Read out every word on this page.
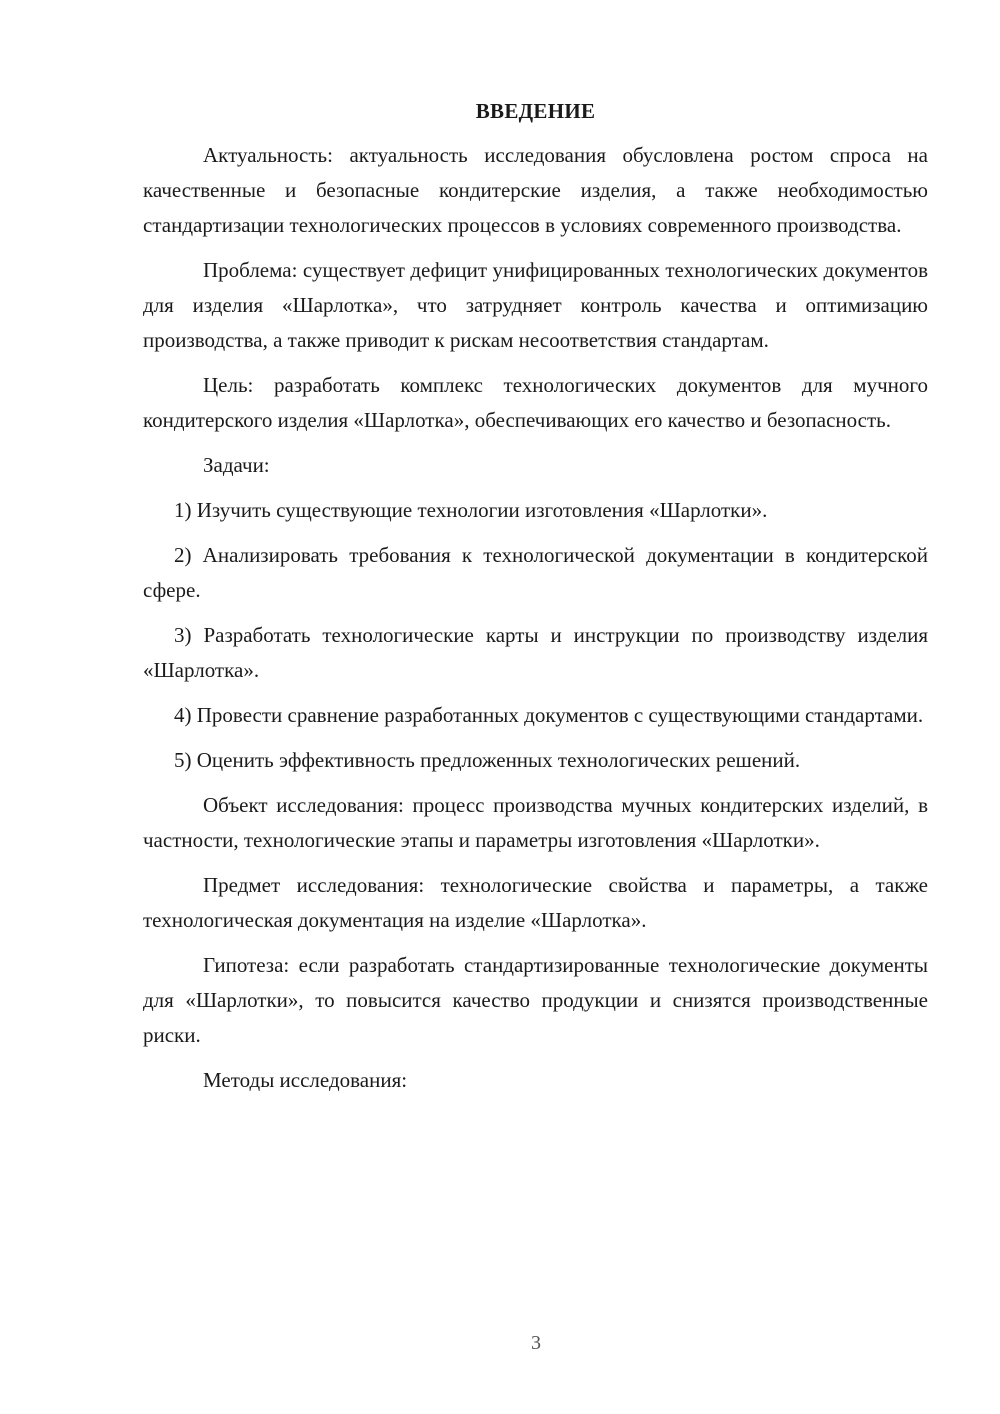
ВВЕДЕНИЕ

Актуальность: актуальность исследования обусловлена ростом спроса на качественные и безопасные кондитерские изделия, а также необходимостью стандартизации технологических процессов в условиях современного производства.

Проблема: существует дефицит унифицированных технологических документов для изделия «Шарлотка», что затрудняет контроль качества и оптимизацию производства, а также приводит к рискам несоответствия стандартам.

Цель: разработать комплекс технологических документов для мучного кондитерского изделия «Шарлотка», обеспечивающих его качество и безопасность.

Задачи:

1) Изучить существующие технологии изготовления «Шарлотки».

2) Анализировать требования к технологической документации в кондитерской сфере.

3) Разработать технологические карты и инструкции по производству изделия «Шарлотка».

4) Провести сравнение разработанных документов с существующими стандартами.

5) Оценить эффективность предложенных технологических решений.

Объект исследования: процесс производства мучных кондитерских изделий, в частности, технологические этапы и параметры изготовления «Шарлотки».

Предмет исследования: технологические свойства и параметры, а также технологическая документация на изделие «Шарлотка».

Гипотеза: если разработать стандартизированные технологические документы для «Шарлотки», то повысится качество продукции и снизятся производственные риски.

Методы исследования:

3
